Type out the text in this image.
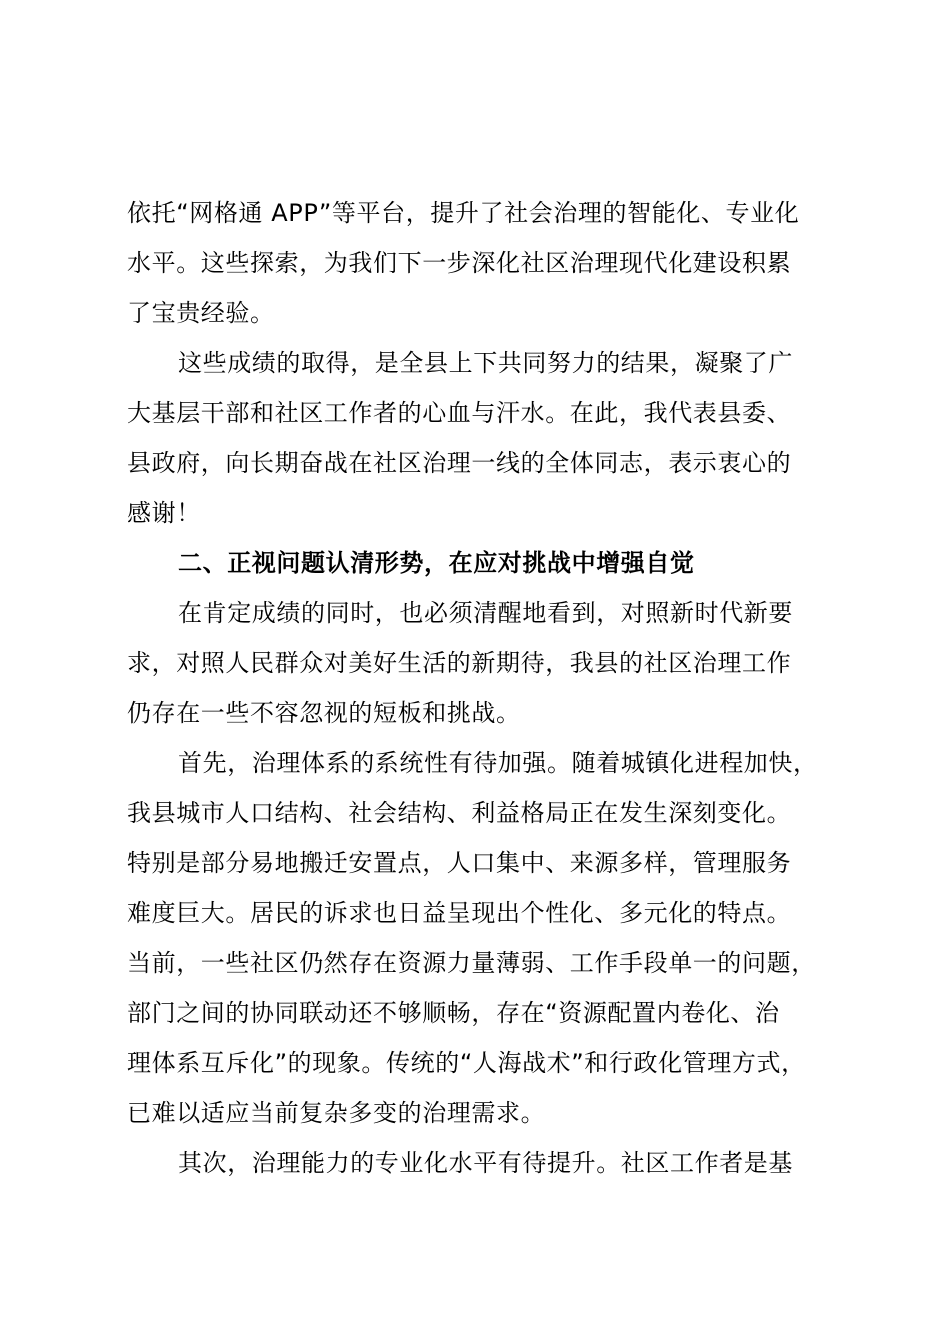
依托“网格通 APP”等平台，提升了社会治理的智能化、专业化
水平。这些探索，为我们下一步深化社区治理现代化建设积累
了宝贵经验。
这些成绩的取得，是全县上下共同努力的结果，凝聚了广
大基层干部和社区工作者的心血与汗水。在此，我代表县委、
县政府，向长期奋战在社区治理一线的全体同志，表示衷心的
感谢！
二、正视问题认清形势，在应对挑战中增强自觉
在肯定成绩的同时，也必须清醒地看到，对照新时代新要
求，对照人民群众对美好生活的新期待，我县的社区治理工作
仍存在一些不容忽视的短板和挑战。
首先，治理体系的系统性有待加强。随着城镇化进程加快，
我县城市人口结构、社会结构、利益格局正在发生深刻变化。
特别是部分易地搬迁安置点，人口集中、来源多样，管理服务
难度巨大。居民的诉求也日益呈现出个性化、多元化的特点。
当前，一些社区仍然存在资源力量薄弱、工作手段单一的问题，
部门之间的协同联动还不够顺畅，存在“资源配置内卷化、治
理体系互斥化”的现象。传统的“人海战术”和行政化管理方式，
已难以适应当前复杂多变的治理需求。
其次，治理能力的专业化水平有待提升。社区工作者是基
